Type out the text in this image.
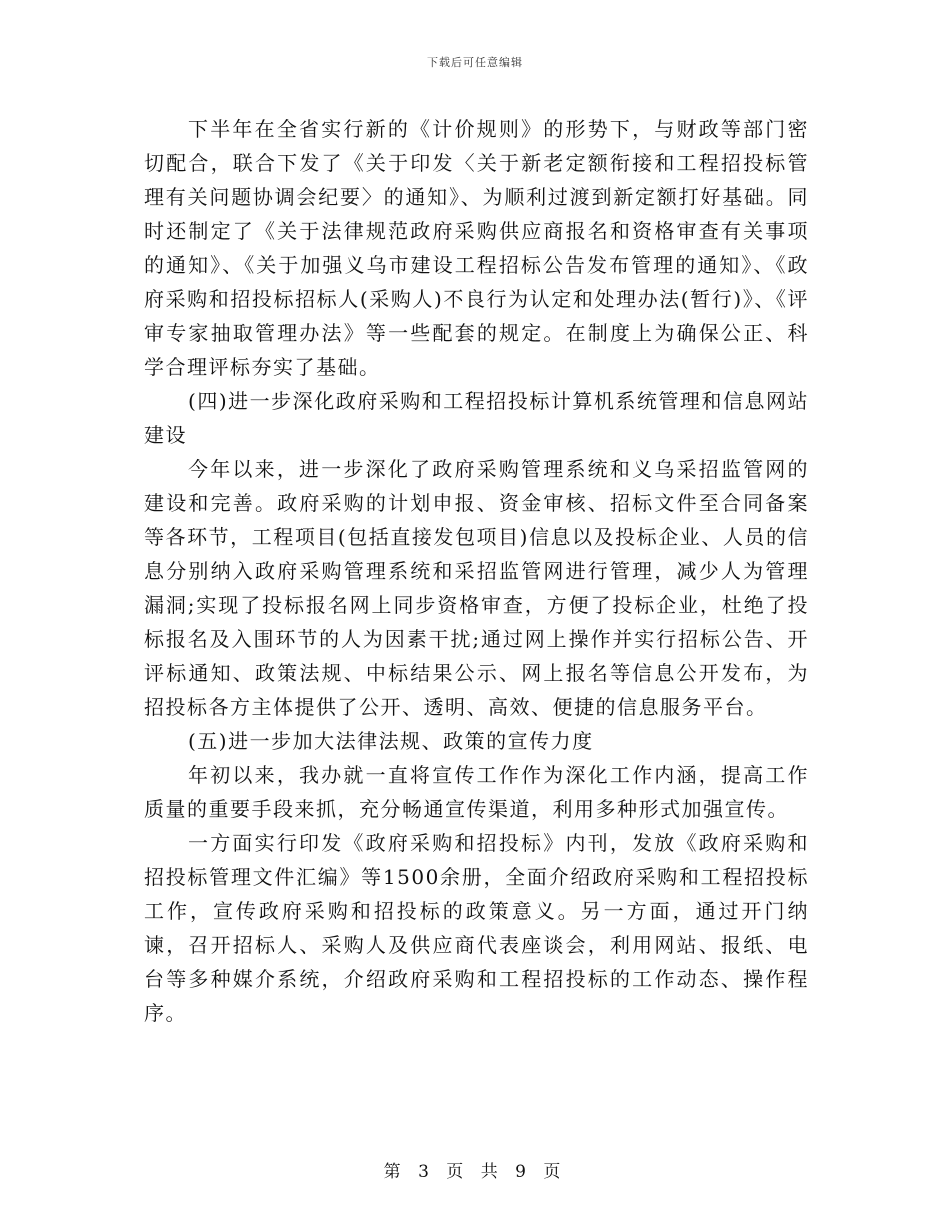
下载后可任意编辑

下半年在全省实行新的《计价规则》的形势下，与财政等部门密切配合，联合下发了《关于印发〈关于新老定额衔接和工程招投标管理有关问题协调会纪要〉的通知》、为顺利过渡到新定额打好基础。同时还制定了《关于法律规范政府采购供应商报名和资格审查有关事项的通知》、《关于加强义乌市建设工程招标公告发布管理的通知》、《政府采购和招投标招标人(采购人)不良行为认定和处理办法(暂行)》、《评审专家抽取管理办法》等一些配套的规定。在制度上为确保公正、科学合理评标夯实了基础。

(四)进一步深化政府采购和工程招投标计算机系统管理和信息网站建设

今年以来，进一步深化了政府采购管理系统和义乌采招监管网的建设和完善。政府采购的计划申报、资金审核、招标文件至合同备案等各环节，工程项目(包括直接发包项目)信息以及投标企业、人员的信息分别纳入政府采购管理系统和采招监管网进行管理，减少人为管理漏洞;实现了投标报名网上同步资格审查，方便了投标企业，杜绝了投标报名及入围环节的人为因素干扰;通过网上操作并实行招标公告、开评标通知、政策法规、中标结果公示、网上报名等信息公开发布，为招投标各方主体提供了公开、透明、高效、便捷的信息服务平台。

(五)进一步加大法律法规、政策的宣传力度

年初以来，我办就一直将宣传工作作为深化工作内涵，提高工作质量的重要手段来抓，充分畅通宣传渠道，利用多种形式加强宣传。

一方面实行印发《政府采购和招投标》内刊，发放《政府采购和招投标管理文件汇编》等1500余册，全面介绍政府采购和工程招投标工作，宣传政府采购和招投标的政策意义。另一方面，通过开门纳谏，召开招标人、采购人及供应商代表座谈会，利用网站、报纸、电台等多种媒介系统，介绍政府采购和工程招投标的工作动态、操作程序。

第 3 页 共 9 页
